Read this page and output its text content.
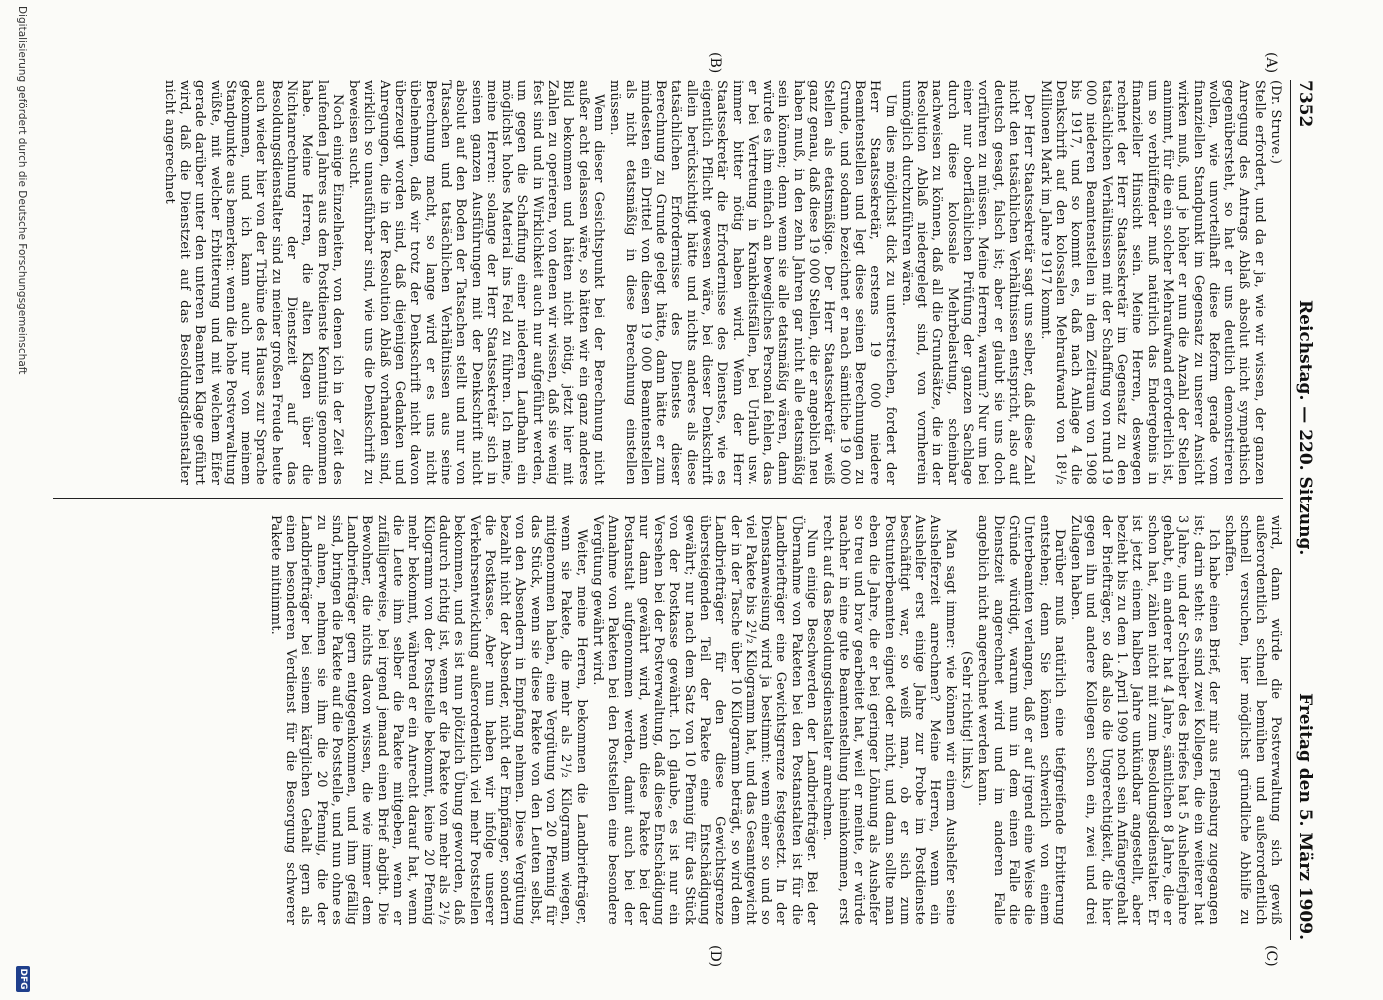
7352
Reichstag. — 220. Sitzung.
Freitag den 5. März 1909.
(A)
(B)
(C)
(D)

(Dr. Struve.)

Stelle erfordert, und da er ja, wie wir wissen, der ganzen Anregung des Antrags Ablaß absolut nicht sympathisch gegenübersteht, so hat er uns deutlich demonstrieren wollen, wie unvorteilhaft diese Reform gerade vom finanziellen Standpunkt im Gegensatz zu unserer Ansicht wirken muß, und je höher er nun die Anzahl der Stellen annimmt, für die ein solcher Mehraufwand erforderlich ist, um so verblüffender muß natürlich das Endergebnis in finanzieller Hinsicht sein. Meine Herren, deswegen rechnet der Herr Staatssekretär im Gegensatz zu den tatsächlichen Verhältnissen mit der Schaffung von rund 19 000 niederen Beamtenstellen in dem Zeitraum von 1908 bis 1917, und so kommt es, daß nach Anlage 4 die Denkschrift auf den kolossalen Mehraufwand von 18¹/₂ Millionen Mark im Jahre 1917 kommt.

Der Herr Staatssekretär sagt uns selber, daß diese Zahl nicht den tatsächlichen Verhältnissen entspricht, also auf deutsch gesagt, falsch ist; aber er glaubt sie uns doch vorführen zu müssen. Meine Herren, warum? Nur um bei einer nur oberflächlichen Prüfung der ganzen Sachlage durch diese kolossale Mehrbelastung, scheinbar nachweisen zu können, daß all die Grundsätze, die in der Resolution Ablaß niedergelegt sind, von vornherein unmöglich durchzuführen wären.

Um dies möglichst dick zu unterstreichen, fordert der Herr Staatssekretär, erstens 19 000 niedere Beamtenstellen und legt diese seinen Berechnungen zu Grunde, und sodann bezeichnet er nach sämtliche 19 000 Stellen als etatsmäßige. Der Herr Staatssekretär weiß ganz genau, daß diese 19 000 Stellen, die er angeblich neu haben muß, in den zehn Jahren gar nicht alle etatsmäßig sein können; denn wenn sie alle etatsmäßig wären, dann würde es ihm einfach an bewegliches Personal fehlen, das er bei Vertretung in Krankheitsfällen, bei Urlaub usw. immer bitter nötig haben wird. Wenn der Herr Staatssekretär die Erfordernisse des Dienstes, wie es eigentlich Pflicht gewesen wäre, bei dieser Denkschrift allein berücksichtigt hätte und nichts anderes als diese tatsächlichen Erfordernisse des Dienstes dieser Berechnung zu Grunde gelegt hätte, dann hätte er zum mindesten ein Drittel von diesen 19 000 Beamtenstellen als nicht etatsmäßig in diese Berechnung einstellen müssen.

Wenn dieser Gesichtspunkt bei der Berechnung nicht außer acht gelassen wäre, so hätten wir ein ganz anderes Bild bekommen und hätten nicht nötig, jetzt hier mit Zahlen zu operieren, von denen wir wissen, daß sie wenig fest sind und in Wirklichkeit auch nur aufgeführt werden, um gegen die Schaffung einer niederen Laufbahn ein möglichst hohes Material ins Feld zu führen. Ich meine, meine Herren: solange der Herr Staatssekretär sich in seinen ganzen Ausführungen mit der Denkschrift nicht absolut auf den Boden der Tatsachen stellt und nur von Tatsachen und tatsächlichen Verhältnissen aus seine Berechnung macht, so lange wird er es uns nicht übelnehmen, daß wir trotz der Denkschrift nicht davon überzeugt worden sind, daß diejenigen Gedanken und Anregungen, die in der Resolution Ablaß vorhanden sind, wirklich so unausführbar sind, wie uns die Denkschrift zu beweisen sucht.

Noch einige Einzelheiten, von denen ich in der Zeit des laufenden Jahres aus dem Postdienste Kenntnis genommen habe. Meine Herren, die alten Klagen über die Nichtanrechnung der Dienstzeit auf das Besoldungsdienstalter sind zu meiner großen Freude heute auch wieder hier von der Tribüne des Hauses zur Sprache gekommen, und ich kann auch nur von meinem Standpunkte aus bemerken: wenn die hohe Postverwaltung wüßte, mit welcher Erbitterung und mit welchem Eifer gerade darüber unter den unteren Beamten Klage geführt wird, daß die Dienstzeit auf das Besoldungsdienstalter nicht angerechnet

wird, dann würde die Postverwaltung sich gewiß außerordentlich schnell bemühen und außerordentlich schnell versuchen, hier möglichst gründliche Abhilfe zu schaffen.

Ich habe einen Brief, der mir aus Flensburg zugegangen ist; darin steht: es sind zwei Kollegen, die ein weiterer hat 3 Jahre, und der Schreiber des Briefes hat 5 Aushelferjahre gehabt, ein anderer hat 4 Jahre, sämtlichen 8 Jahre, die er schon hat, zählen nicht mit zum Besoldungsdienstalter. Er ist jetzt einem halben Jahre unkündbar angestellt, aber bezieht bis zu dem 1. April 1909 noch sein Anfängergehalt der Briefträger, so daß also die Ungerechtigkeit, die hier gegen ihn und andere Kollegen schon ein, zwei und drei Zulagen haben.

Darüber muß natürlich eine tiefgreifende Erbitterung entstehen; denn Sie können schwerlich von einem Unterbeamten verlangen, daß er auf irgend eine Weise die Gründe würdigt, warum nun in dem einen Falle die Dienstzeit angerechnet wird und im anderen Falle angeblich nicht angerechnet werden kann.

(Sehr richtig! links.)

Man sagt immer: wie können wir einem Aushelfer seine Aushelferzeit anrechnen? Meine Herren, wenn ein Aushelfer erst einige Jahre zur Probe im Postdienste beschäftigt war, so weiß man, ob er sich zum Postunterbeamten eignet oder nicht, und dann sollte man eben die Jahre, die er bei geringer Löhnung als Aushelfer so treu und brav gearbeitet hat, weil er meinte, er würde nachher in eine gute Beamtenstellung hineinkommen, erst recht auf das Besoldungsdienstalter anrechnen.

Nun einige Beschwerden der Landbriefträger. Bei der Übernahme von Paketen bei den Postanstalten ist für die Landbriefträger eine Gewichtsgrenze festgesetzt. In der Dienstanweisung wird ja bestimmt: wenn einer so und so viel Pakete bis 2¹/₂ Kilogramm hat, und das Gesamtgewicht der in der Tasche über 10 Kilogramm beträgt, so wird dem Landbriefträger für den diese Gewichtsgrenze übersteigenden Teil der Pakete eine Entschädigung gewährt; nur nach dem Satz von 10 Pfennig für das Stück von der Postkasse gewährt. Ich glaube, es ist nur ein Versehen bei der Postverwaltung, daß diese Entschädigung nur dann gewährt wird, wenn diese Pakete bei der Postanstalt aufgenommen werden, damit auch bei der Annahme von Paketen bei den Poststellen eine besondere Vergütung gewährt wird.

Weiter, meine Herren, bekommen die Landbriefträger, wenn sie Pakete, die mehr als 2¹/₂ Kilogramm wiegen, mitgenommen haben, eine Vergütung von 20 Pfennig für das Stück, wenn sie diese Pakete von den Leuten selbst, von den Absendern in Empfang nehmen. Diese Vergütung bezahlt nicht der Absender, nicht der Empfänger, sondern die Postkasse. Aber nun haben wir infolge unserer Verkehrsentwicklung außerordentlich viel mehr Poststellen bekommen, und es ist nun plötzlich Übung geworden, daß dadurch richtig ist, wenn er die Pakete von mehr als 2¹/₂ Kilogramm von der Poststelle bekommt, keine 20 Pfennig mehr bekommt, während er ein Anrecht darauf hat, wenn die Leute ihm selber die Pakete mitgeben, wenn er zufälligerweise, bei irgend jemand einen Brief abgibt. Die Bewohner, die nichts davon wissen, die wie immer dem Landbriefträger gern entgegenkommen, und ihm gefällig sind, bringen die Pakete auf die Poststelle, und nun ohne es zu ahnen, nehmen sie ihm die 20 Pfennig, die der Landbriefträger bei seinem kärglichen Gehalt gern als einen besonderen Verdienst für die Besorgung schwerer Pakete mitnimmt.

Digitalisierung gefördert durch die Deutsche Forschungsgemeinschaft
DFG
